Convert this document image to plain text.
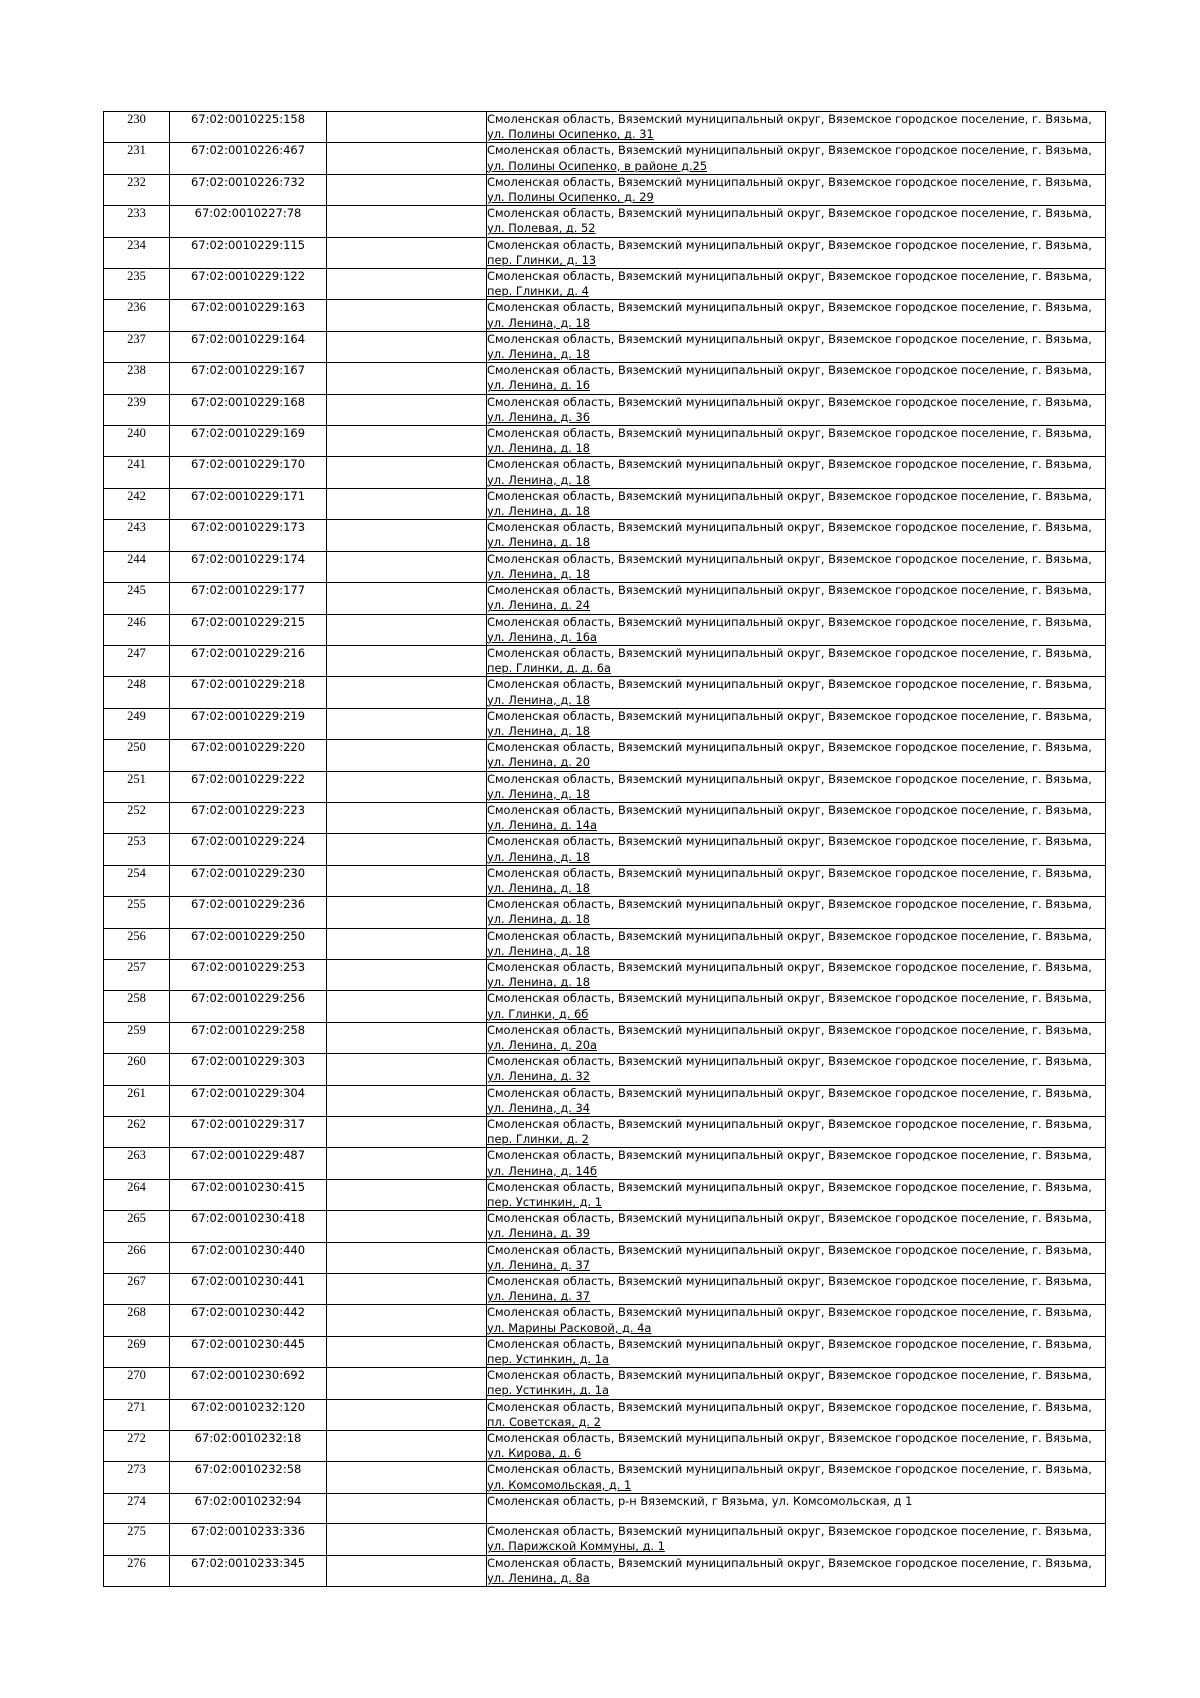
230	67:02:0010225:158		Смоленская область, Вяземский муниципальный округ, Вяземское городское поселение, г. Вязьма,
ул. Полины Осипенко, д. 31

231	67:02:0010226:467		Смоленская область, Вяземский муниципальный округ, Вяземское городское поселение, г. Вязьма,
ул. Полины Осипенко, в районе д.25

232	67:02:0010226:732		Смоленская область, Вяземский муниципальный округ, Вяземское городское поселение, г. Вязьма,
ул. Полины Осипенко, д. 29

233	67:02:0010227:78		Смоленская область, Вяземский муниципальный округ, Вяземское городское поселение, г. Вязьма,
ул. Полевая, д. 52

234	67:02:0010229:115		Смоленская область, Вяземский муниципальный округ, Вяземское городское поселение, г. Вязьма,
пер. Глинки, д. 13

235	67:02:0010229:122		Смоленская область, Вяземский муниципальный округ, Вяземское городское поселение, г. Вязьма,
пер. Глинки, д. 4

236	67:02:0010229:163		Смоленская область, Вяземский муниципальный округ, Вяземское городское поселение, г. Вязьма,
ул. Ленина, д. 18

237	67:02:0010229:164		Смоленская область, Вяземский муниципальный округ, Вяземское городское поселение, г. Вязьма,
ул. Ленина, д. 18

238	67:02:0010229:167		Смоленская область, Вяземский муниципальный округ, Вяземское городское поселение, г. Вязьма,
ул. Ленина, д. 16

239	67:02:0010229:168		Смоленская область, Вяземский муниципальный округ, Вяземское городское поселение, г. Вязьма,
ул. Ленина, д. 36

240	67:02:0010229:169		Смоленская область, Вяземский муниципальный округ, Вяземское городское поселение, г. Вязьма,
ул. Ленина, д. 18

241	67:02:0010229:170		Смоленская область, Вяземский муниципальный округ, Вяземское городское поселение, г. Вязьма,
ул. Ленина, д. 18

242	67:02:0010229:171		Смоленская область, Вяземский муниципальный округ, Вяземское городское поселение, г. Вязьма,
ул. Ленина, д. 18

243	67:02:0010229:173		Смоленская область, Вяземский муниципальный округ, Вяземское городское поселение, г. Вязьма,
ул. Ленина, д. 18

244	67:02:0010229:174		Смоленская область, Вяземский муниципальный округ, Вяземское городское поселение, г. Вязьма,
ул. Ленина, д. 18

245	67:02:0010229:177		Смоленская область, Вяземский муниципальный округ, Вяземское городское поселение, г. Вязьма,
ул. Ленина, д. 24

246	67:02:0010229:215		Смоленская область, Вяземский муниципальный округ, Вяземское городское поселение, г. Вязьма,
ул. Ленина, д. 16а

247	67:02:0010229:216		Смоленская область, Вяземский муниципальный округ, Вяземское городское поселение, г. Вязьма,
пер. Глинки, д. д. 6а

248	67:02:0010229:218		Смоленская область, Вяземский муниципальный округ, Вяземское городское поселение, г. Вязьма,
ул. Ленина, д. 18

249	67:02:0010229:219		Смоленская область, Вяземский муниципальный округ, Вяземское городское поселение, г. Вязьма,
ул. Ленина, д. 18

250	67:02:0010229:220		Смоленская область, Вяземский муниципальный округ, Вяземское городское поселение, г. Вязьма,
ул. Ленина, д. 20

251	67:02:0010229:222		Смоленская область, Вяземский муниципальный округ, Вяземское городское поселение, г. Вязьма,
ул. Ленина, д. 18

252	67:02:0010229:223		Смоленская область, Вяземский муниципальный округ, Вяземское городское поселение, г. Вязьма,
ул. Ленина, д. 14а

253	67:02:0010229:224		Смоленская область, Вяземский муниципальный округ, Вяземское городское поселение, г. Вязьма,
ул. Ленина, д. 18

254	67:02:0010229:230		Смоленская область, Вяземский муниципальный округ, Вяземское городское поселение, г. Вязьма,
ул. Ленина, д. 18

255	67:02:0010229:236		Смоленская область, Вяземский муниципальный округ, Вяземское городское поселение, г. Вязьма,
ул. Ленина, д. 18

256	67:02:0010229:250		Смоленская область, Вяземский муниципальный округ, Вяземское городское поселение, г. Вязьма,
ул. Ленина, д. 18

257	67:02:0010229:253		Смоленская область, Вяземский муниципальный округ, Вяземское городское поселение, г. Вязьма,
ул. Ленина, д. 18

258	67:02:0010229:256		Смоленская область, Вяземский муниципальный округ, Вяземское городское поселение, г. Вязьма,
ул. Глинки, д. 6б

259	67:02:0010229:258		Смоленская область, Вяземский муниципальный округ, Вяземское городское поселение, г. Вязьма,
ул. Ленина, д. 20а

260	67:02:0010229:303		Смоленская область, Вяземский муниципальный округ, Вяземское городское поселение, г. Вязьма,
ул. Ленина, д. 32

261	67:02:0010229:304		Смоленская область, Вяземский муниципальный округ, Вяземское городское поселение, г. Вязьма,
ул. Ленина, д. 34

262	67:02:0010229:317		Смоленская область, Вяземский муниципальный округ, Вяземское городское поселение, г. Вязьма,
пер. Глинки, д. 2

263	67:02:0010229:487		Смоленская область, Вяземский муниципальный округ, Вяземское городское поселение, г. Вязьма,
ул. Ленина, д. 14б

264	67:02:0010230:415		Смоленская область, Вяземский муниципальный округ, Вяземское городское поселение, г. Вязьма,
пер. Устинкин, д. 1

265	67:02:0010230:418		Смоленская область, Вяземский муниципальный округ, Вяземское городское поселение, г. Вязьма,
ул. Ленина, д. 39

266	67:02:0010230:440		Смоленская область, Вяземский муниципальный округ, Вяземское городское поселение, г. Вязьма,
ул. Ленина, д. 37

267	67:02:0010230:441		Смоленская область, Вяземский муниципальный округ, Вяземское городское поселение, г. Вязьма,
ул. Ленина, д. 37

268	67:02:0010230:442		Смоленская область, Вяземский муниципальный округ, Вяземское городское поселение, г. Вязьма,
ул. Марины Расковой, д. 4а

269	67:02:0010230:445		Смоленская область, Вяземский муниципальный округ, Вяземское городское поселение, г. Вязьма,
пер. Устинкин, д. 1а

270	67:02:0010230:692		Смоленская область, Вяземский муниципальный округ, Вяземское городское поселение, г. Вязьма,
пер. Устинкин, д. 1а

271	67:02:0010232:120		Смоленская область, Вяземский муниципальный округ, Вяземское городское поселение, г. Вязьма,
пл. Советская, д. 2

272	67:02:0010232:18		Смоленская область, Вяземский муниципальный округ, Вяземское городское поселение, г. Вязьма,
ул. Кирова, д. 6

273	67:02:0010232:58		Смоленская область, Вяземский муниципальный округ, Вяземское городское поселение, г. Вязьма,
ул. Комсомольская, д. 1

274	67:02:0010232:94		Смоленская область, р-н Вяземский, г Вязьма, ул. Комсомольская, д 1

275	67:02:0010233:336		Смоленская область, Вяземский муниципальный округ, Вяземское городское поселение, г. Вязьма,
ул. Парижской Коммуны, д. 1

276	67:02:0010233:345		Смоленская область, Вяземский муниципальный округ, Вяземское городское поселение, г. Вязьма,
ул. Ленина, д. 8а
